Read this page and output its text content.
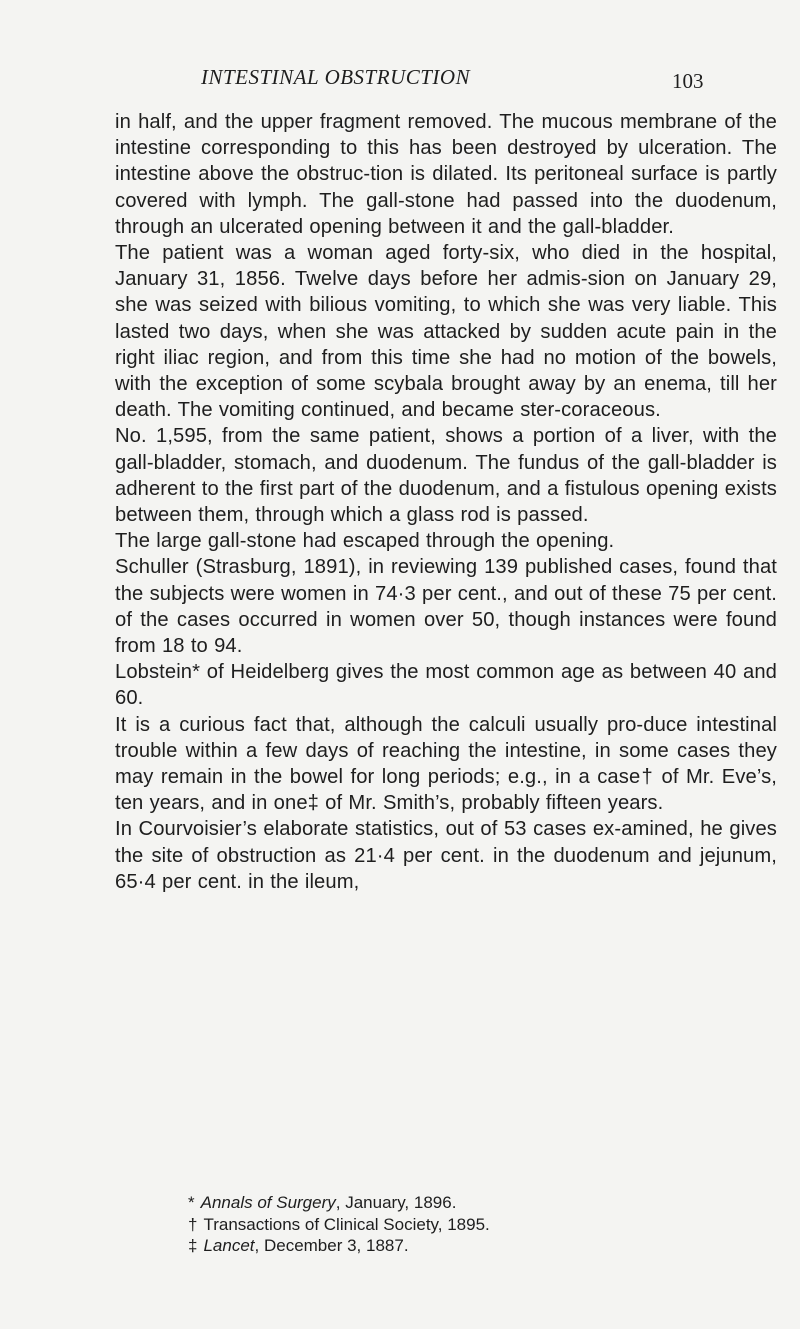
INTESTINAL OBSTRUCTION	103

in half, and the upper fragment removed. The mucous membrane of the intestine corresponding to this has been destroyed by ulceration. The intestine above the obstruc-tion is dilated. Its peritoneal surface is partly covered with lymph. The gall-stone had passed into the duodenum, through an ulcerated opening between it and the gall-bladder.

The patient was a woman aged forty-six, who died in the hospital, January 31, 1856. Twelve days before her admis-sion on January 29, she was seized with bilious vomiting, to which she was very liable. This lasted two days, when she was attacked by sudden acute pain in the right iliac region, and from this time she had no motion of the bowels, with the exception of some scybala brought away by an enema, till her death. The vomiting continued, and became ster-coraceous.

No. 1,595, from the same patient, shows a portion of a liver, with the gall-bladder, stomach, and duodenum. The fundus of the gall-bladder is adherent to the first part of the duodenum, and a fistulous opening exists between them, through which a glass rod is passed.

The large gall-stone had escaped through the opening.

Schuller (Strasburg, 1891), in reviewing 139 published cases, found that the subjects were women in 74·3 per cent., and out of these 75 per cent. of the cases occurred in women over 50, though instances were found from 18 to 94.

Lobstein* of Heidelberg gives the most common age as between 40 and 60.

It is a curious fact that, although the calculi usually pro-duce intestinal trouble within a few days of reaching the intestine, in some cases they may remain in the bowel for long periods; e.g., in a case† of Mr. Eve’s, ten years, and in one‡ of Mr. Smith’s, probably fifteen years.

In Courvoisier’s elaborate statistics, out of 53 cases ex-amined, he gives the site of obstruction as 21·4 per cent. in the duodenum and jejunum, 65·4 per cent. in the ileum,

* Annals of Surgery, January, 1896.

† Transactions of Clinical Society, 1895.

‡ Lancet, December 3, 1887.
